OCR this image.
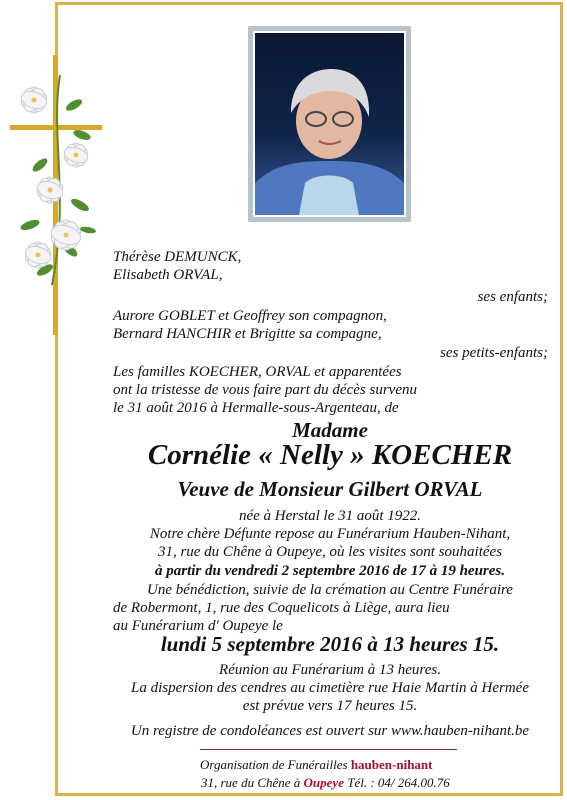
Thérèse DEMUNCK,
Elisabeth ORVAL,
ses enfants;
Aurore GOBLET et Geoffrey son compagnon,
Bernard HANCHIR et Brigitte sa compagne,
ses petits-enfants;
Les familles KOECHER, ORVAL et apparentées
ont la tristesse de vous faire part du décès survenu
le 31 août 2016 à Hermalle-sous-Argenteau, de
Madame
Cornélie « Nelly » KOECHER
Veuve de Monsieur Gilbert ORVAL
née à Herstal le 31 août 1922.
Notre chère Défunte repose au Funérarium Hauben-Nihant,
31, rue du Chêne à Oupeye, où les visites sont souhaitées
à partir du vendredi 2 septembre 2016 de 17 à 19 heures.
Une bénédiction, suivie de la crémation au Centre Funéraire
de Robermont, 1, rue des Coquelicots à Liège, aura lieu
au Funérarium d' Oupeye le
lundi 5 septembre 2016 à 13 heures 15.
Réunion au Funérarium à 13 heures.
La dispersion des cendres au cimetière rue Haie Martin à Hermée
est prévue vers 17 heures 15.
Un registre de condoléances est ouvert sur www.hauben-nihant.be
Organisation de Funérailles hauben-nihant
31, rue du Chêne à Oupeye Tél. : 04/ 264.00.76
